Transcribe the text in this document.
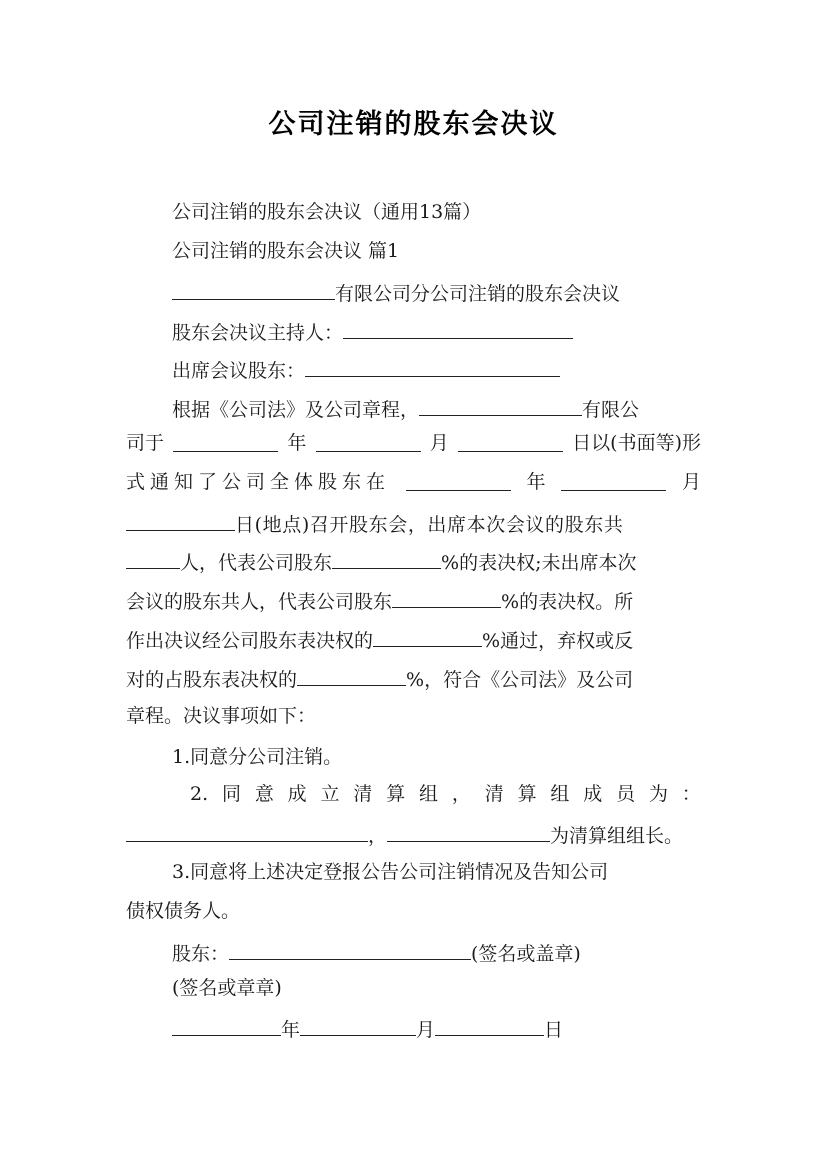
公司注销的股东会决议
公司注销的股东会决议（通用13篇）
公司注销的股东会决议 篇1
有限公司分公司注销的股东会决议
股东会决议主持人：
出席会议股东：
根据《公司法》及公司章程，	有限公
司于	年	月	日以(书面等)形
式通知了公司全体股东在	年	月
日(地点)召开股东会，出席本次会议的股东共
人，代表公司股东	%的表决权;未出席本次
会议的股东共人，代表公司股东	%的表决权。所
作出决议经公司股东表决权的	%通过，弃权或反
对的占股东表决权的	%，符合《公司法》及公司
章程。决议事项如下：
1.同意分公司注销。
2. 同 意 成 立 清 算 组 ， 清 算 组 成 员 为 ：
，	为清算组组长。
3.同意将上述决定登报公告公司注销情况及告知公司
债权债务人。
股东：	(签名或盖章)
(签名或章章)
年	月	日
